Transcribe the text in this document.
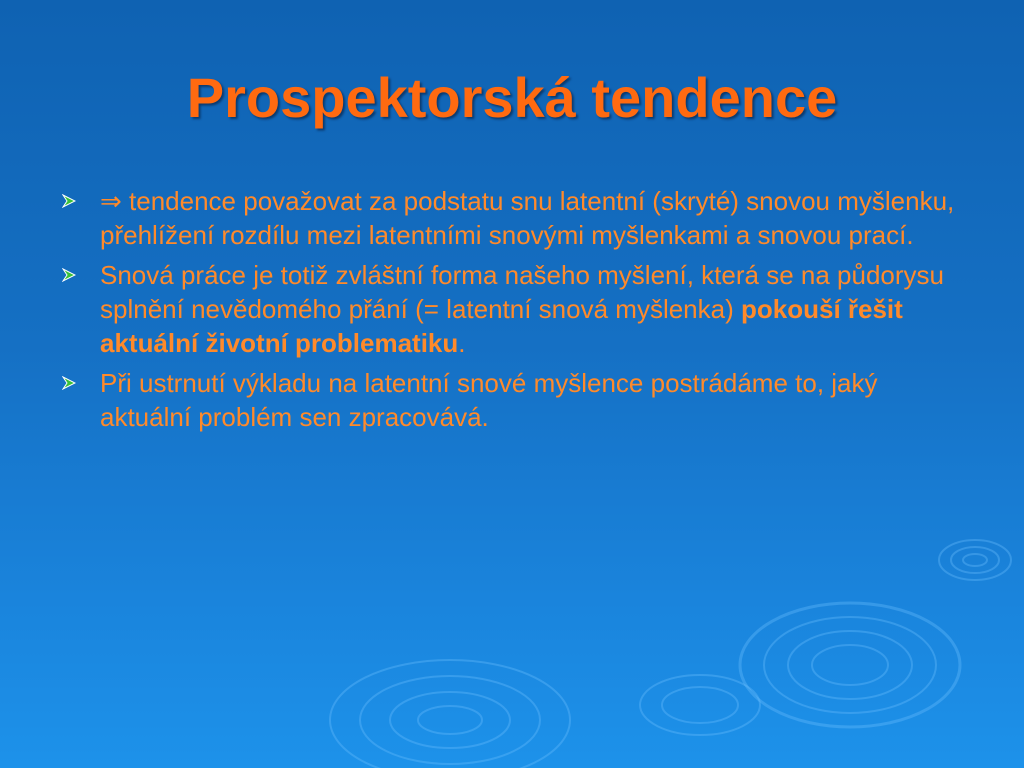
Prospektorská tendence
⇒ tendence považovat za podstatu snu latentní (skryté) snovou myšlenku, přehlížení rozdílu mezi latentními snovými myšlenkami a snovou prací.
Snová práce je totiž zvláštní forma našeho myšlení, která se na půdorysu splnění nevědomého přání (= latentní snová myšlenka) pokouší řešit aktuální životní problematiku.
Při ustrnutí výkladu na latentní snové myšlence postrádáme to, jaký aktuální problém sen zpracovává.
